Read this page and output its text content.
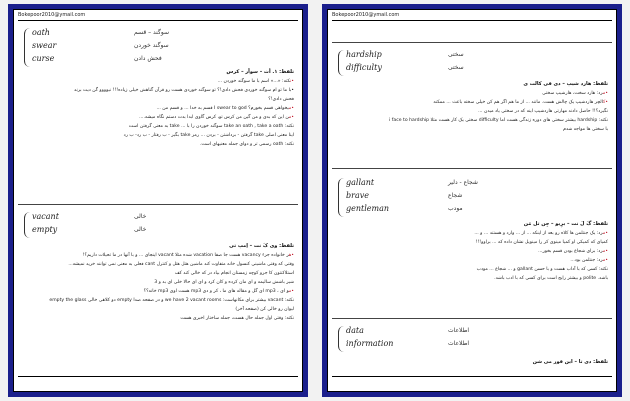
Bokepoor2010@ymail.com
oath	سوگند – قسم
swear	سوگند خوردن
curse	فحش دادن
تلفظ: ۱. اُث – سوآر – کرس
•نکته: «...» اسم با ما سوگند خوردن ...
•با ما تو ام سوگند خوردی فحش دادی!؟ تو سوگند خوردی هست رو قرآن گناهش خیلی زیاده!!! نیوووو گن دیت برند
فحش دادی!؟
•میخواهی قسم بخورم؟ I swear to god قسم به خدا ... و قسم من ...
•من این که بدی و من گین من کرس تو، کرس گاوی ابدا بدت دستم نگاه میشه....
نکته: take an oath , take a oath سوگند خوردن را با ... take به معنی گرفتن است
اینا معنی اصلی take گرفتن - برداشتن - بردن ... رمز take بگیر - ب رفتار - ب رد- ب رد
نکته: oath رسمی تر و دوای جمله معنیهای است.
vacant	خالی
empty	خالی
تلفظ: وی کَ نت – اِمپ تی
•هر خانواده جزء vacancy هست جا صفا vacation شده مثلا vacant اینجای ... و با آنها در ما تحیلات داریم؟!
وقتی که وقتی ماشینی کنسول خانه متفاوت کند ماشین هتل هتل و کنترل cant فعلی به معنی نمی توانند خرید نمیشه...
استلاکنتون کا جزو کوچه زمستان انجام بیاد در که خالی کند کف
شیر باشش سالیمه و ای مان کرده و کان کرد و ای ای حالا خلی ای بد و 3
•مو ای ، mp3 ای گل و مقاله های ما ، کر و دی mp3 هست اوی mp3 خانه؟؟
نکته: vacant بیشتر برای مکانهاست: we have 2 vacant rooms و در صفحه صدا empty دو کلاهی خالی empty the glass
لیوان رو خالی کن (صفحه آخر)
نکته: وقتی اول جمله حال هست، جمله ساختار اخبری هست
Bokepoor2010@ymail.com
hardship	سختی
difficulty	سختی
تلفظ: هارد شیپ – دی فی کالت ی
•مرد: هارد سخت، هارشیپ سختی
•کالچر هاردشیپ یک چالش هست. مانند ... از ما هم اگر هم کن خیلی سخته باعث ... ممکنه
نگیرد؟!! حاصل دادند مهارتی هاردشیپ اینه که در سختی یاد میدن ...
نکته: hardship بیشتر سختی های دوره زندگی هست اما difficulty سختی یک کار هست مثلا i face to hardship
با سختی ها مواجه شدم
gallant	شجاع - دلیر
brave	شجاع
gentleman	مودب
تلفظ: گَ لَ نت – برِیو – جِن تل مَن
•مرد: یک جنتلمن ها کلاه رو بعد از اینکه ... از ... وارد و هستند ... و ...
کمیای که کمیکی او کمیا مینوی کر را مینویل نشان داده که ... براوو!!!
•مرد: برای شجاع بودن قسم بخور...
•مرد: جنتلمن بود...
نکته: کسی که با آداب هست و با حسن gallant و ... شجاع ... مودب
باشد. polite و بیشتر رایج است برای کسی که با ادب باشد.
data	اطلاعات
information	اطلاعات
تلفظ: دی تا – این فور می شن
